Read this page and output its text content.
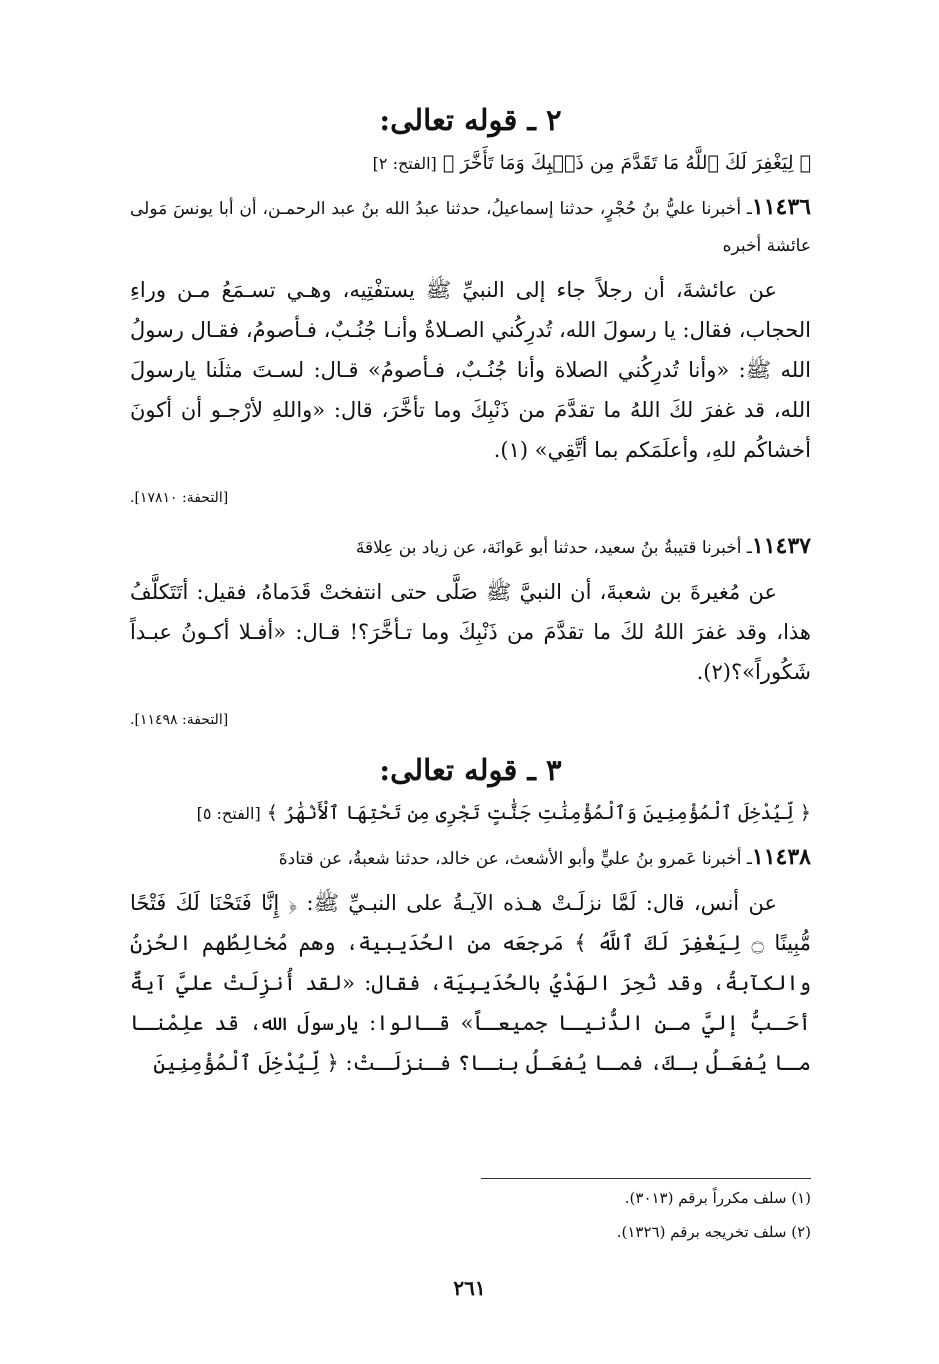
٢ ـ قوله تعالى:

﴿ لِيَغْفِرَ لَكَ ٱللَّهُ مَا تَقَدَّمَ مِن ذَنۢبِكَ وَمَا تَأَخَّرَ ﴾ [الفتح: ٢]

١١٤٣٦ـ أخبرنا عليُّ بنُ حُجْرٍ، حدثنا إسماعيلُ، حدثنا عبدُ الله بنُ عبد الرحمـن، أن أبا يونسَ مَولى عائشة أخبره

عن عائشةَ، أن رجلاً جاء إلى النبيِّ ﷺ يستفْتِيه، وهـي تسـمَعُ مـن وراءِ الحجاب، فقال: يا رسولَ الله، تُدرِكُني الصـلاةُ وأنـا جُنُـبٌ، فـأصومُ، فقـال رسولُ الله ﷺ: «وأنا تُدرِكُني الصلاة وأنا جُنُـبٌ، فـأصومُ» قـال: لسـتَ مثلَنا يارسولَ الله، قد غفرَ لكَ اللهُ ما تقدَّمَ من ذَنْبِكَ وما تأخَّرَ، قال: «واللهِ لأرْجـو أن أكونَ أخشاكُم للهِ، وأعلَمَكم بما أتَّقِي» (١).

[التحفة: ١٧٨١٠].

١١٤٣٧ـ أخبرنا قتيبةُ بنُ سعيد، حدثنا أبو عَوانَة، عن زياد بن عِلاقةَ

عن مُغيرةَ بن شعبةَ، أن النبيَّ ﷺ صَلَّى حتى انتفختْ قَدَماهُ، فقيل: أتَتَكلَّفُ هذا، وقد غفرَ اللهُ لكَ ما تقدَّمَ من ذَنْبِكَ وما تـأخَّرَ؟! قـال: «أفـلا أكـونُ عبـداً شَكُوراً»؟(٢).

[التحفة: ١١٤٩٨].

٣ ـ قوله تعالى:

﴿ لِّيُدْخِلَ ٱلْمُؤْمِنِينَ وَٱلْمُؤْمِنَٰتِ جَنَّٰتٍ تَجْرِى مِن تَحْتِهَا ٱلْأَنْهَٰرُ ﴾ [الفتح: ٥]

١١٤٣٨ـ أخبرنا عَمرو بنُ عليٍّ وأبو الأشعث، عن خالد، حدثنا شعبةُ، عن قتادةَ

عن أنس، قال: لَمَّا نزلَـتْ هـذه الآيـةُ على النبـيِّ ﷺ: ﴿ إِنَّا فَتَحْنَا لَكَ فَتْحًا مُّبِينًا ۝ لِيَغْفِرَ لَكَ ٱللَّهُ ﴾ مَرجعَه من الحُدَيبية، وهم مُخالِطُهم الحُزنُ والكآبةُ، وقد نُحِرَ الهَدْيُ بالحُدَيبِيَة، فقال: «لقد أُنزِلَتْ عليَّ آيةٌ أحَـبُّ إليَّ مـن الدُّنيـا جميعـاً» قـالوا: يارسولَ الله، قد علِمْنـا مـا يُفعَـلُ بـكَ، فمـا يُفعَـلُ بنـا؟ فـنزلَـتْ: ﴿ لِّيُدْخِلَ ٱلْمُؤْمِنِينَ

(١) سلف مكرراً برقم (٣٠١٣).

(٢) سلف تخريجه برقم (١٣٢٦).

٢٦١
